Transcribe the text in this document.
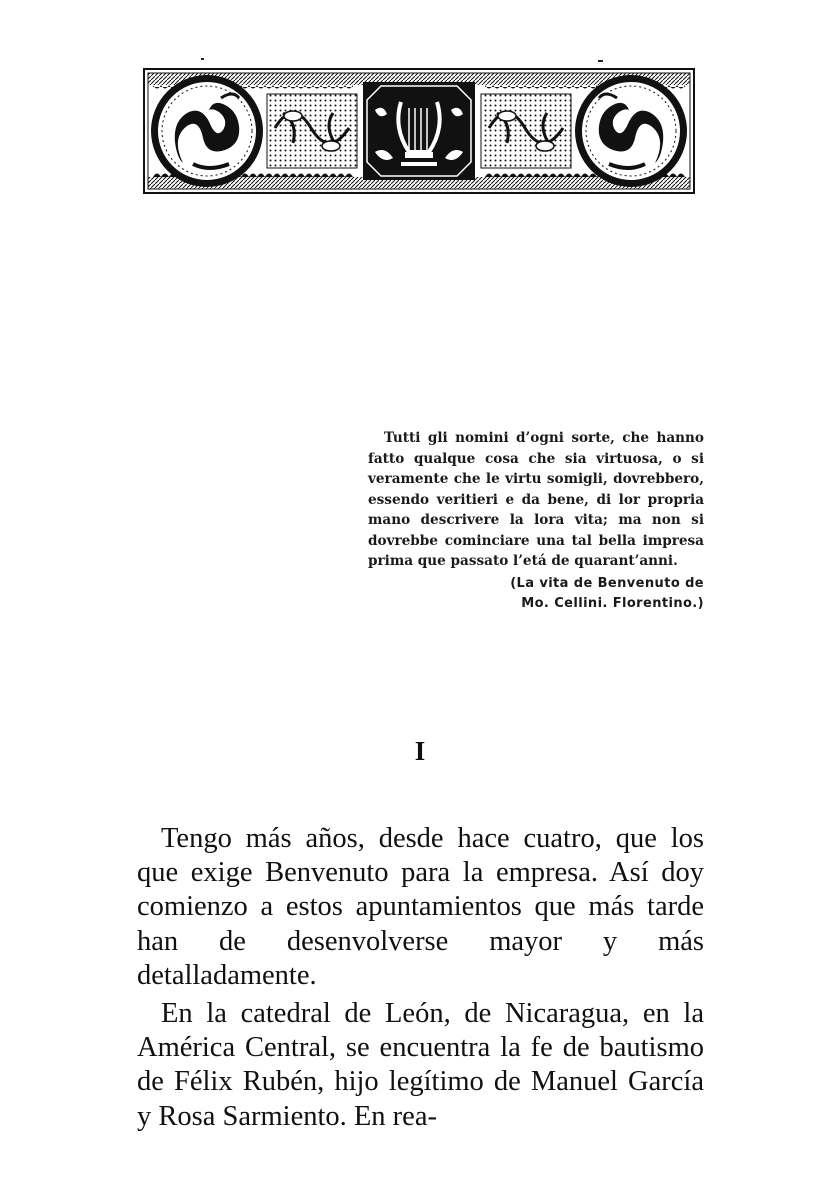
Tutti gli nomini d’ogni sorte, che hanno fatto qualque cosa che sia virtuosa, o si veramente che le virtu somigli, dovrebbero, essendo veritieri e da bene, di lor propria mano descrivere la lora vita; ma non si dovrebbe cominciare una tal bella impresa prima que passato l’etá de quarant’anni.

(La vita de Benvenuto de
Mo. Cellini. Florentino.)
I

Tengo más años, desde hace cuatro, que los que exige Benvenuto para la empresa. Así doy comienzo a estos apuntamientos que más tarde han de desenvolverse mayor y más detalladamente.

En la catedral de León, de Nicaragua, en la América Central, se encuentra la fe de bautismo de Félix Rubén, hijo legítimo de Manuel García y Rosa Sarmiento. En rea-
